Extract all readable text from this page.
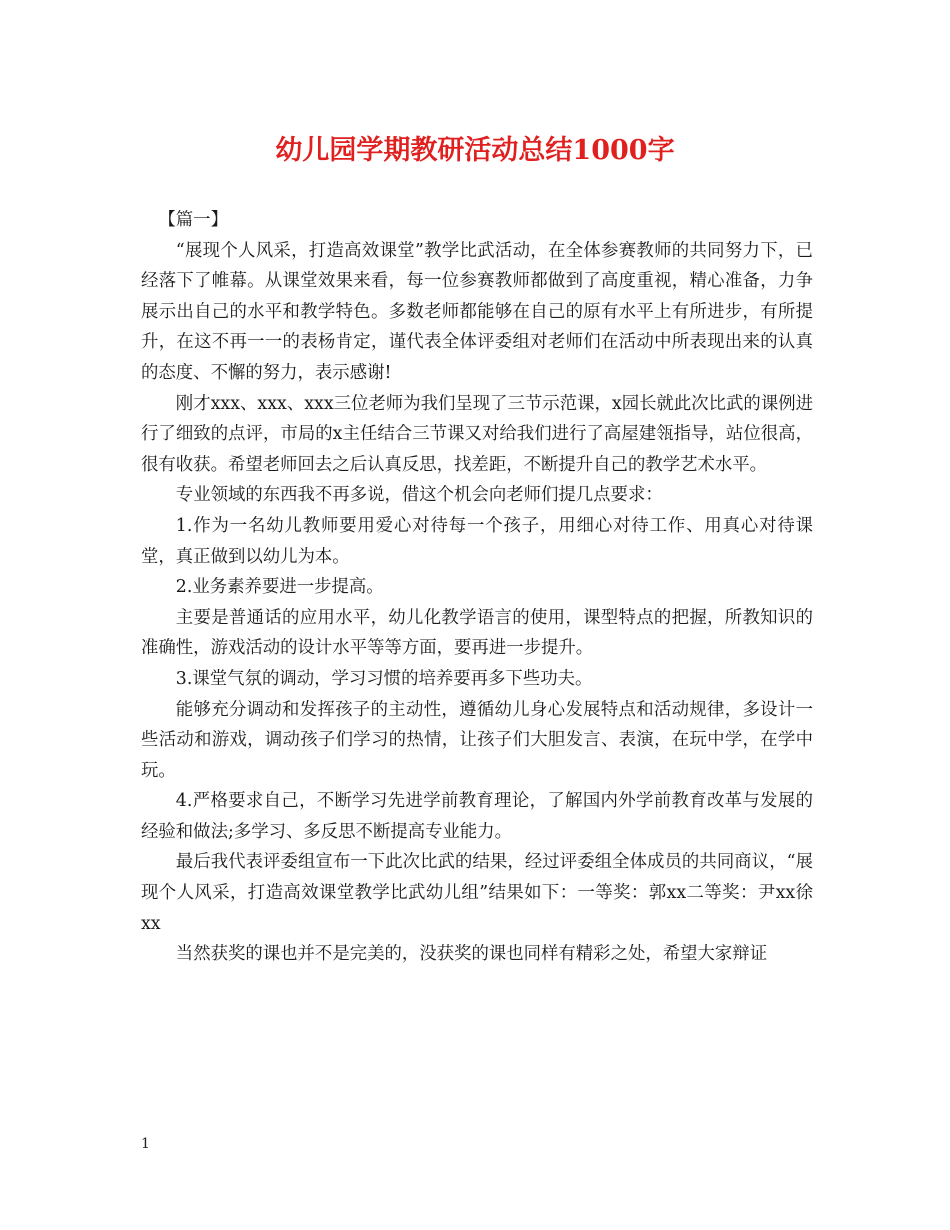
幼儿园学期教研活动总结1000字

【篇一】

“展现个人风采，打造高效课堂”教学比武活动，在全体参赛教师的共同努力下，已经落下了帷幕。从课堂效果来看，每一位参赛教师都做到了高度重视，精心准备，力争展示出自己的水平和教学特色。多数老师都能够在自己的原有水平上有所进步，有所提升，在这不再一一的表杨肯定，谨代表全体评委组对老师们在活动中所表现出来的认真的态度、不懈的努力，表示感谢!

刚才xxx、xxx、xxx三位老师为我们呈现了三节示范课，x园长就此次比武的课例进行了细致的点评，市局的x主任结合三节课又对给我们进行了高屋建瓴指导，站位很高，很有收获。希望老师回去之后认真反思，找差距，不断提升自己的教学艺术水平。

专业领域的东西我不再多说，借这个机会向老师们提几点要求：

1.作为一名幼儿教师要用爱心对待每一个孩子，用细心对待工作、用真心对待课堂，真正做到以幼儿为本。

2.业务素养要进一步提高。

主要是普通话的应用水平，幼儿化教学语言的使用，课型特点的把握，所教知识的准确性，游戏活动的设计水平等等方面，要再进一步提升。

3.课堂气氛的调动，学习习惯的培养要再多下些功夫。

能够充分调动和发挥孩子的主动性，遵循幼儿身心发展特点和活动规律，多设计一些活动和游戏，调动孩子们学习的热情，让孩子们大胆发言、表演，在玩中学，在学中玩。

4.严格要求自己，不断学习先进学前教育理论，了解国内外学前教育改革与发展的经验和做法;多学习、多反思不断提高专业能力。

最后我代表评委组宣布一下此次比武的结果，经过评委组全体成员的共同商议，“展现个人风采，打造高效课堂教学比武幼儿组”结果如下：一等奖：郭xx二等奖：尹xx徐xx

当然获奖的课也并不是完美的，没获奖的课也同样有精彩之处，希望大家辩证

1
